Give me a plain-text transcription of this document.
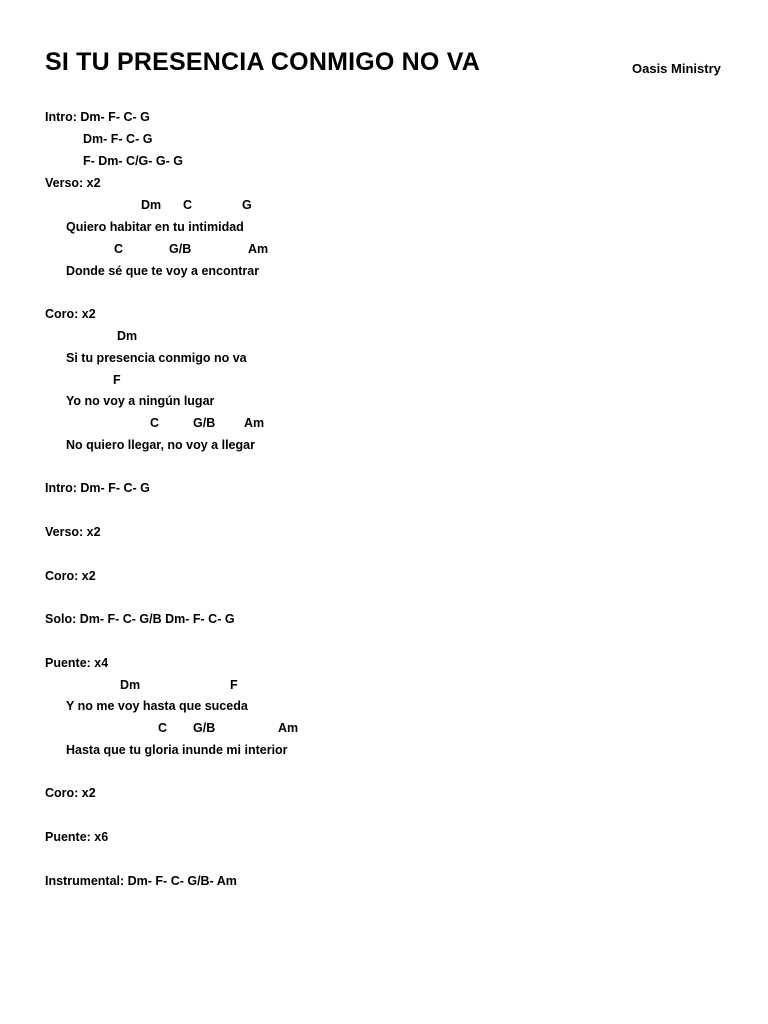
SI TU PRESENCIA CONMIGO NO VA	Oasis Ministry
Intro: Dm- F- C- G
Dm- F- C- G
F- Dm- C/G- G- G
Verso: x2
Dm C	G
Quiero habitar en tu intimidad
C	G/B	Am
Donde sé que te voy a encontrar
Coro: x2
Dm
Si tu presencia conmigo no va
F
Yo no voy a ningún lugar
C	G/B Am
No quiero llegar, no voy a llegar
Intro: Dm- F- C- G
Verso: x2
Coro: x2
Solo: Dm- F- C- G/B Dm- F- C- G
Puente: x4
Dm	F
Y no me voy hasta que suceda
C G/B	Am
Hasta que tu gloria inunde mi interior
Coro: x2
Puente: x6
Instrumental: Dm- F- C- G/B- Am
